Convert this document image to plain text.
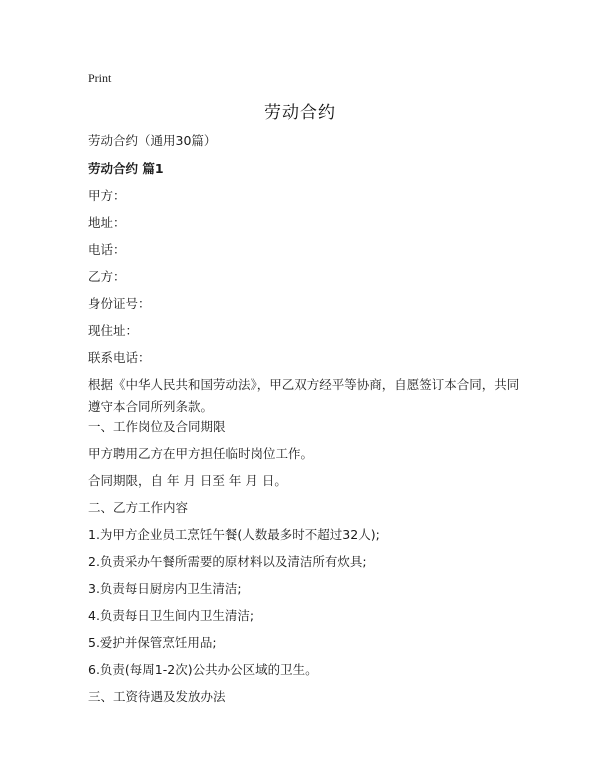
Print
劳动合约
劳动合约（通用30篇）
劳动合约 篇1
甲方：
地址：
电话：
乙方：
身份证号：
现住址：
联系电话：
根据《中华人民共和国劳动法》，甲乙双方经平等协商，自愿签订本合同，共同遵守本合同所列条款。
一、工作岗位及合同期限
甲方聘用乙方在甲方担任临时岗位工作。
合同期限，自 年 月 日至 年 月 日。
二、乙方工作内容
1.为甲方企业员工烹饪午餐(人数最多时不超过32人);
2.负责采办午餐所需要的原材料以及清洁所有炊具;
3.负责每日厨房内卫生清洁;
4.负责每日卫生间内卫生清洁;
5.爱护并保管烹饪用品;
6.负责(每周1-2次)公共办公区域的卫生。
三、工资待遇及发放办法
